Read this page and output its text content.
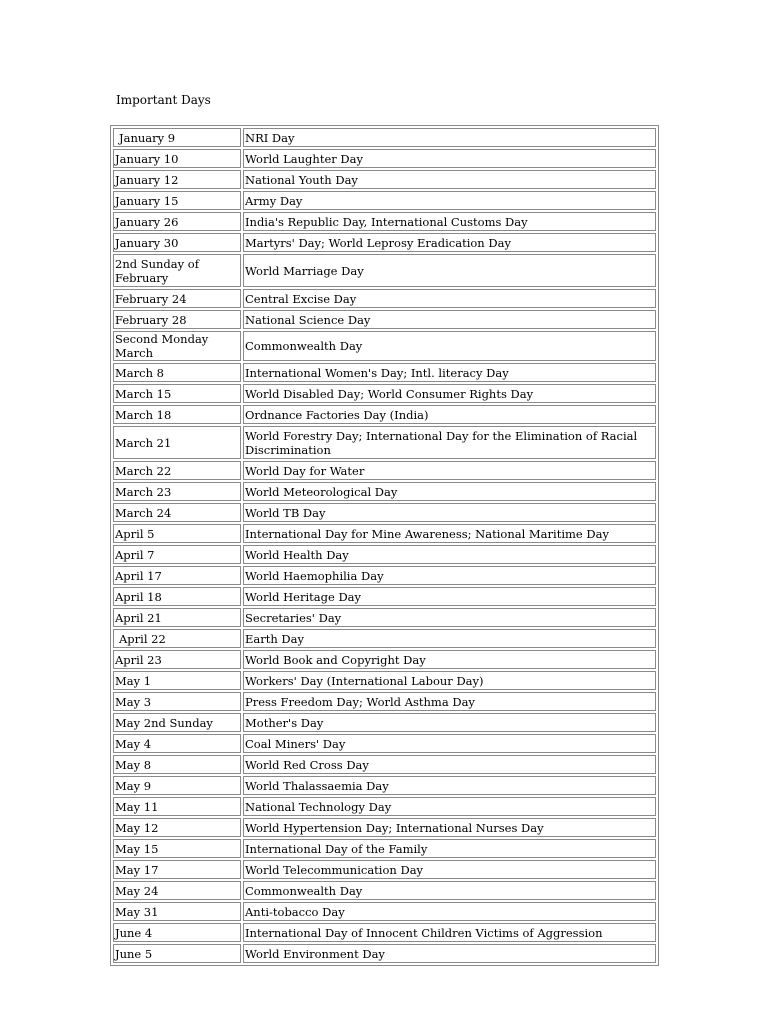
Important Days
January 9	NRI Day
January 10	World Laughter Day
January 12	National Youth Day
January 15	Army Day
January 26	India's Republic Day, International Customs Day
January 30	Martyrs' Day; World Leprosy Eradication Day
2nd Sunday of February	World Marriage Day
February 24	Central Excise Day
February 28	National Science Day
Second Monday March	Commonwealth Day
March 8	International Women's Day; Intl. literacy Day
March 15	World Disabled Day; World Consumer Rights Day
March 18	Ordnance Factories Day (India)
March 21	World Forestry Day; International Day for the Elimination of Racial Discrimination
March 22	World Day for Water
March 23	World Meteorological Day
March 24	World TB Day
April 5	International Day for Mine Awareness; National Maritime Day
April 7	World Health Day
April 17	World Haemophilia Day
April 18	World Heritage Day
April 21	Secretaries' Day
April 22	Earth Day
April 23	World Book and Copyright Day
May 1	Workers' Day (International Labour Day)
May 3	Press Freedom Day; World Asthma Day
May 2nd Sunday	Mother's Day
May 4	Coal Miners' Day
May 8	World Red Cross Day
May 9	World Thalassaemia Day
May 11	National Technology Day
May 12	World Hypertension Day; International Nurses Day
May 15	International Day of the Family
May 17	World Telecommunication Day
May 24	Commonwealth Day
May 31	Anti-tobacco Day
June 4	International Day of Innocent Children Victims of Aggression
June 5	World Environment Day
